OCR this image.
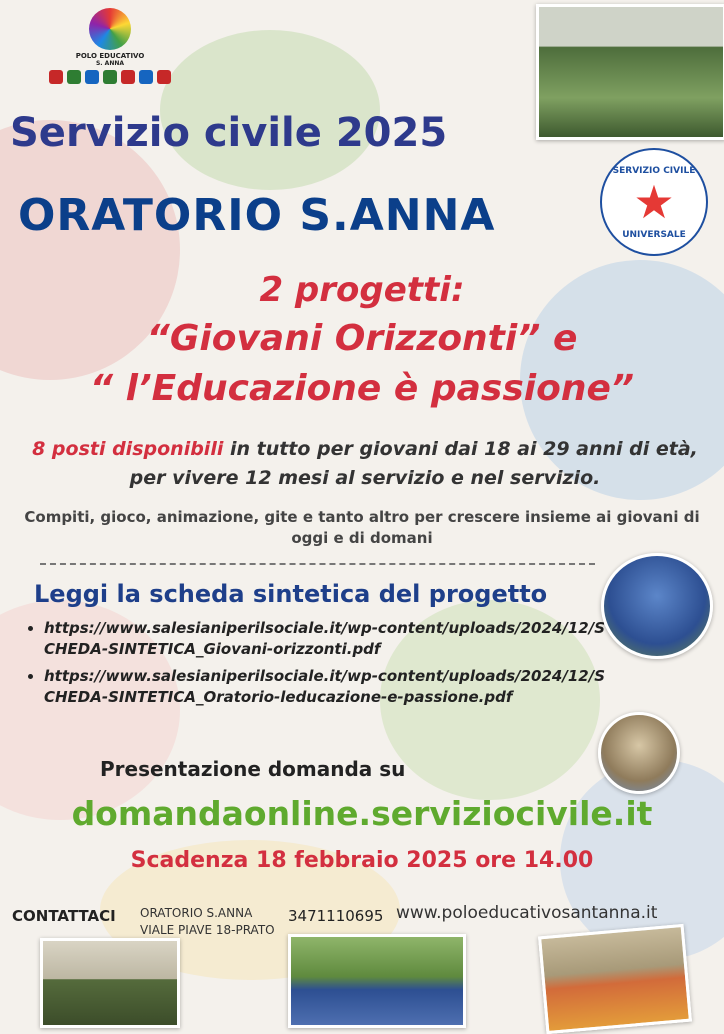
POLO EDUCATIVO
S. ANNA
Servizio civile 2025
ORATORIO S.ANNA
SERVIZIO CIVILE
★
UNIVERSALE
2 progetti:
“Giovani Orizzonti” e
“ l’Educazione è passione”
8 posti disponibili in tutto per giovani dai 18 ai 29 anni di età, per vivere 12 mesi al servizio e nel servizio.
Compiti, gioco, animazione, gite e tanto altro per crescere insieme ai giovani di oggi e di domani
Leggi la scheda sintetica del progetto
• https://www.salesianiperilsociale.it/wp-content/uploads/2024/12/SCHEDA-SINTETICA_Giovani-orizzonti.pdf
• https://www.salesianiperilsociale.it/wp-content/uploads/2024/12/SCHEDA-SINTETICA_Oratorio-leducazione-e-passione.pdf
Presentazione domanda su
domandaonline.serviziocivile.it
Scadenza 18 febbraio 2025 ore 14.00
CONTATTACI ORATORIO S.ANNA
VIALE PIAVE 18-PRATO
3471110695 www.poloeducativosantanna.it
